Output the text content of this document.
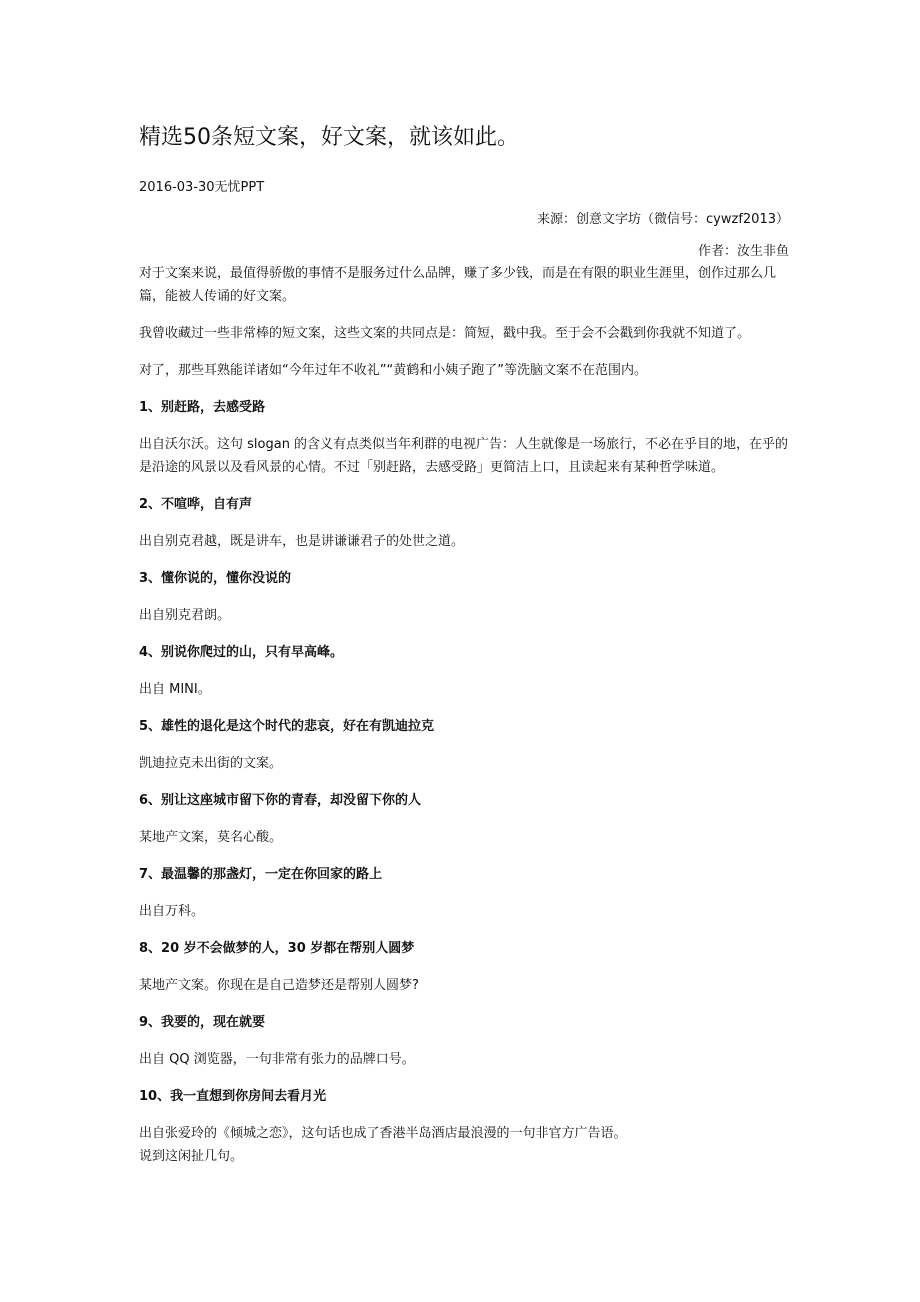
精选50条短文案，好文案，就该如此。

2016-03-30无忧PPT

来源：创意文字坊（微信号：cywzf2013）

作者：汝生非鱼

对于文案来说，最值得骄傲的事情不是服务过什么品牌，赚了多少钱，而是在有限的职业生涯里，创作过那么几篇，能被人传诵的好文案。

我曾收藏过一些非常棒的短文案，这些文案的共同点是：简短，戳中我。至于会不会戳到你我就不知道了。

对了，那些耳熟能详诸如“今年过年不收礼”“黄鹤和小姨子跑了”等洗脑文案不在范围内。

1、别赶路，去感受路

出自沃尔沃。这句 slogan 的含义有点类似当年利群的电视广告：人生就像是一场旅行，不必在乎目的地，在乎的是沿途的风景以及看风景的心情。不过「别赶路，去感受路」更简洁上口，且读起来有某种哲学味道。

2、不喧哗，自有声

出自别克君越，既是讲车，也是讲谦谦君子的处世之道。

3、懂你说的，懂你没说的

出自别克君朗。

4、别说你爬过的山，只有早高峰。

出自 MINI。

5、雄性的退化是这个时代的悲哀，好在有凯迪拉克

凯迪拉克未出街的文案。

6、别让这座城市留下你的青春，却没留下你的人

某地产文案，莫名心酸。

7、最温馨的那盏灯，一定在你回家的路上

出自万科。

8、20 岁不会做梦的人，30 岁都在帮别人圆梦

某地产文案。你现在是自己造梦还是帮别人圆梦?

9、我要的，现在就要

出自 QQ 浏览器，一句非常有张力的品牌口号。

10、我一直想到你房间去看月光

出自张爱玲的《倾城之恋》，这句话也成了香港半岛酒店最浪漫的一句非官方广告语。

说到这闲扯几句。
